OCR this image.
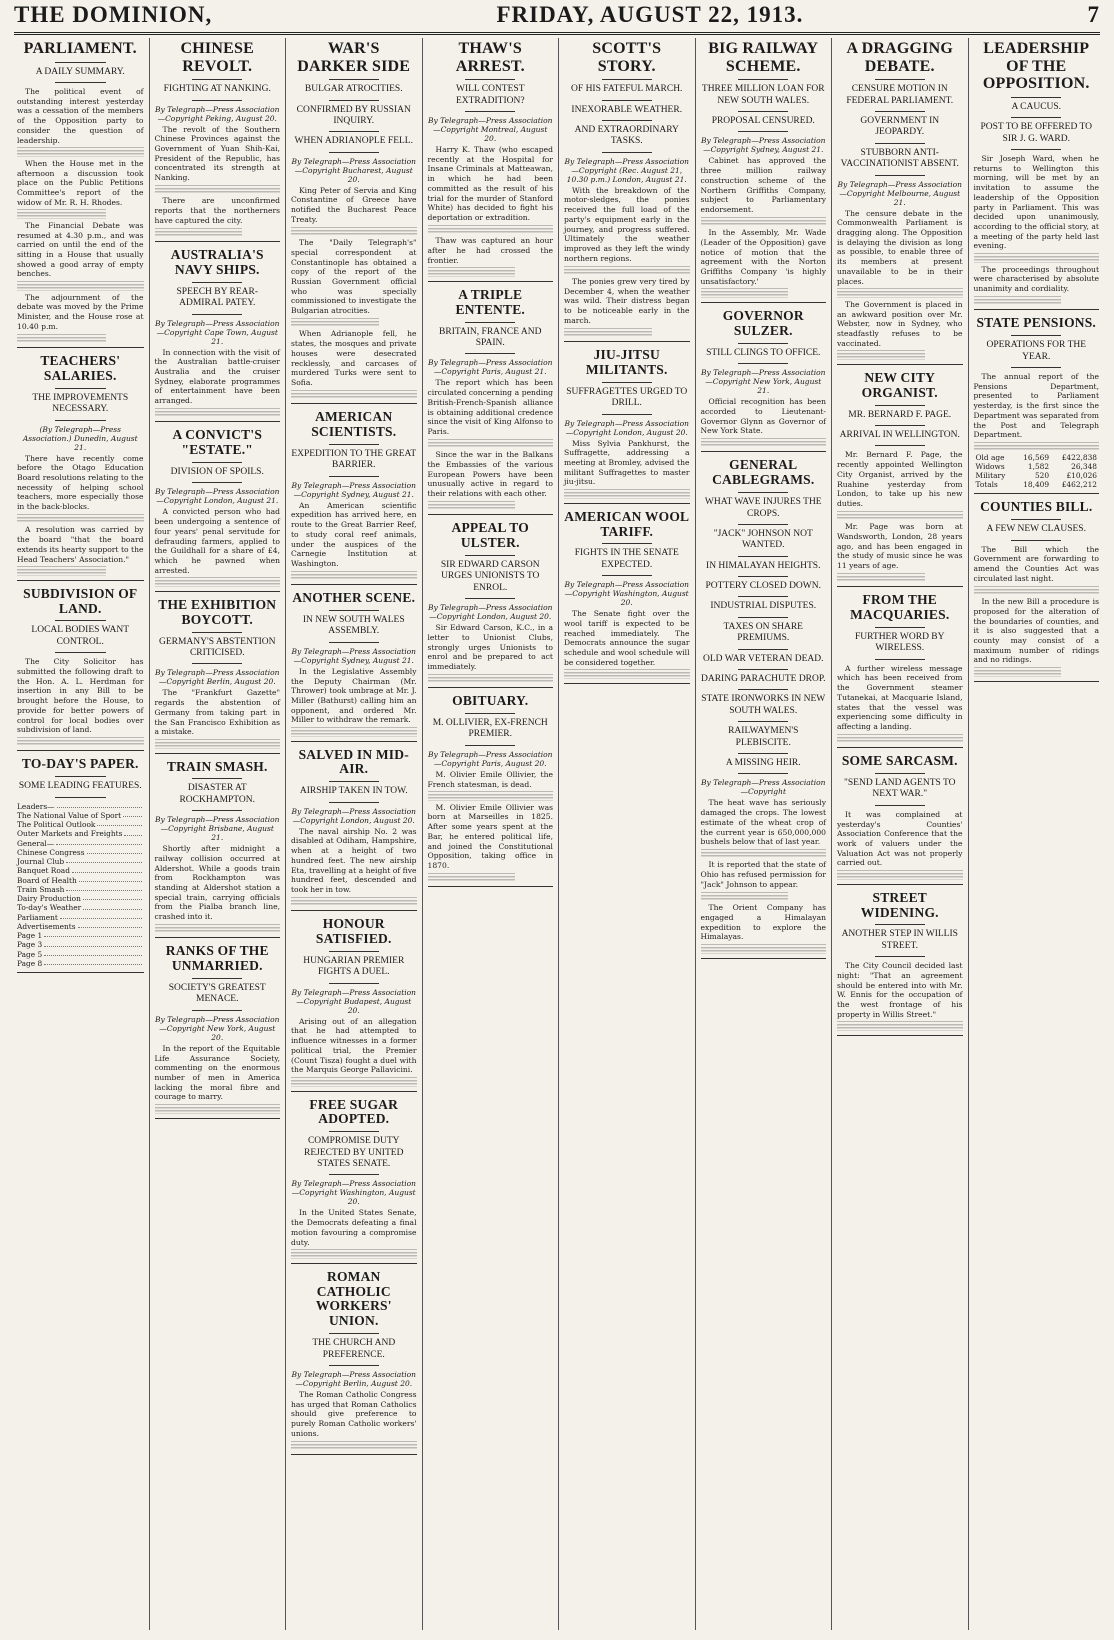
THE DOMINION,	FRIDAY, AUGUST 22, 1913.	7
PARLIAMENT.
A DAILY SUMMARY.

The political event of outstanding interest yesterday was a cessation of the members of the Opposition party to consider the question of leadership.

When the House met in the afternoon a discussion took place on the Public Petitions Committee's report of the widow of Mr. R. H. Rhodes.

The Financial Debate was resumed at 4.30 p.m., and was carried on until the end of the sitting in a House that usually showed a good array of empty benches.

The adjournment of the debate was moved by the Prime Minister, and the House rose at 10.40 p.m.

TEACHERS' SALARIES.
THE IMPROVEMENTS NECESSARY.
(By Telegraph—Press Association.) Dunedin, August 21.

There have recently come before the Otago Education Board resolutions relating to the necessity of helping school teachers, more especially those in the back-blocks.

A resolution was carried by the board "that the board extends its hearty support to the Head Teachers' Association."

SUBDIVISION OF LAND.
LOCAL BODIES WANT CONTROL.

The City Solicitor has submitted the following draft to the Hon. A. L. Herdman for insertion in any Bill to be brought before the House, to provide for better powers of control for local bodies over subdivision of land.

TO-DAY'S PAPER.
SOME LEADING FEATURES.
Leaders—
The National Value of Sport
The Political Outlook
Outer Markets and Freights
General—
Chinese Congress
Journal Club
Banquet Road
Board of Health
Train Smash
Dairy Production
To-day's Weather
Parliament
Advertisements
Page 1
Page 3
Page 5
Page 8
CHINESE REVOLT.
FIGHTING AT NANKING.
By Telegraph—Press Association—Copyright Peking, August 20.

The revolt of the Southern Chinese Provinces against the Government of Yuan Shih-Kai, President of the Republic, has concentrated its strength at Nanking.

There are unconfirmed reports that the northerners have captured the city.

AUSTRALIA'S NAVY SHIPS.
SPEECH BY REAR-ADMIRAL PATEY.
By Telegraph—Press Association—Copyright Cape Town, August 21.

In connection with the visit of the Australian battle-cruiser Australia and the cruiser Sydney, elaborate programmes of entertainment have been arranged.

A CONVICT'S "ESTATE."
DIVISION OF SPOILS.
By Telegraph—Press Association—Copyright London, August 21.

A convicted person who had been undergoing a sentence of four years' penal servitude for defrauding farmers, applied to the Guildhall for a share of £4, which he pawned when arrested.

THE EXHIBITION BOYCOTT.
GERMANY'S ABSTENTION CRITICISED.
By Telegraph—Press Association—Copyright Berlin, August 20.

The "Frankfurt Gazette" regards the abstention of Germany from taking part in the San Francisco Exhibition as a mistake.

TRAIN SMASH.
DISASTER AT ROCKHAMPTON.
By Telegraph—Press Association—Copyright Brisbane, August 21.

Shortly after midnight a railway collision occurred at Aldershot. While a goods train from Rockhampton was standing at Aldershot station a special train, carrying officials from the Pialba branch line, crashed into it.

RANKS OF THE UNMARRIED.
SOCIETY'S GREATEST MENACE.
By Telegraph—Press Association—Copyright New York, August 20.

In the report of the Equitable Life Assurance Society, commenting on the enormous number of men in America lacking the moral fibre and courage to marry.

WAR'S DARKER SIDE
BULGAR ATROCITIES.
CONFIRMED BY RUSSIAN INQUIRY.
WHEN ADRIANOPLE FELL.
By Telegraph—Press Association—Copyright Bucharest, August 20.

King Peter of Servia and King Constantine of Greece have notified the Bucharest Peace Treaty.

The "Daily Telegraph's" special correspondent at Constantinople has obtained a copy of the report of the Russian Government official who was specially commissioned to investigate the Bulgarian atrocities.

When Adrianople fell, he states, the mosques and private houses were desecrated recklessly, and carcases of murdered Turks were sent to Sofia.

AMERICAN SCIENTISTS.
EXPEDITION TO THE GREAT BARRIER.
By Telegraph—Press Association—Copyright Sydney, August 21.

An American scientific expedition has arrived here, en route to the Great Barrier Reef, to study coral reef animals, under the auspices of the Carnegie Institution at Washington.

ANOTHER SCENE.
IN NEW SOUTH WALES ASSEMBLY.
By Telegraph—Press Association—Copyright Sydney, August 21.

In the Legislative Assembly the Deputy Chairman (Mr. Thrower) took umbrage at Mr. J. Miller (Bathurst) calling him an opponent, and ordered Mr. Miller to withdraw the remark.

SALVED IN MID-AIR.
AIRSHIP TAKEN IN TOW.
By Telegraph—Press Association—Copyright London, August 20.

The naval airship No. 2 was disabled at Odiham, Hampshire, when at a height of two hundred feet. The new airship Eta, travelling at a height of five hundred feet, descended and took her in tow.

HONOUR SATISFIED.
HUNGARIAN PREMIER FIGHTS A DUEL.
By Telegraph—Press Association—Copyright Budapest, August 20.

Arising out of an allegation that he had attempted to influence witnesses in a former political trial, the Premier (Count Tisza) fought a duel with the Marquis George Pallavicini.

FREE SUGAR ADOPTED.
COMPROMISE DUTY REJECTED BY UNITED STATES SENATE.
By Telegraph—Press Association—Copyright Washington, August 20.

In the United States Senate, the Democrats defeating a final motion favouring a compromise duty.

ROMAN CATHOLIC WORKERS' UNION.
THE CHURCH AND PREFERENCE.
By Telegraph—Press Association—Copyright Berlin, August 20.

The Roman Catholic Congress has urged that Roman Catholics should give preference to purely Roman Catholic workers' unions.

THAW'S ARREST.
WILL CONTEST EXTRADITION?
By Telegraph—Press Association—Copyright Montreal, August 20.

Harry K. Thaw (who escaped recently at the Hospital for Insane Criminals at Matteawan, in which he had been committed as the result of his trial for the murder of Stanford White) has decided to fight his deportation or extradition.

Thaw was captured an hour after he had crossed the frontier.

A TRIPLE ENTENTE.
BRITAIN, FRANCE AND SPAIN.
By Telegraph—Press Association—Copyright Paris, August 21.

The report which has been circulated concerning a pending British-French-Spanish alliance is obtaining additional credence since the visit of King Alfonso to Paris.

Since the war in the Balkans the Embassies of the various European Powers have been unusually active in regard to their relations with each other.

APPEAL TO ULSTER.
SIR EDWARD CARSON URGES UNIONISTS TO ENROL.
By Telegraph—Press Association—Copyright London, August 20.

Sir Edward Carson, K.C., in a letter to Unionist Clubs, strongly urges Unionists to enrol and be prepared to act immediately.

OBITUARY.
M. OLLIVIER, EX-FRENCH PREMIER.
By Telegraph—Press Association—Copyright Paris, August 20.

M. Olivier Emile Ollivier, the French statesman, is dead.

M. Olivier Emile Ollivier was born at Marseilles in 1825. After some years spent at the Bar, he entered political life, and joined the Constitutional Opposition, taking office in 1870.

SCOTT'S STORY.
OF HIS FATEFUL MARCH.
INEXORABLE WEATHER.
AND EXTRAORDINARY TASKS.
By Telegraph—Press Association—Copyright (Rec. August 21, 10.30 p.m.) London, August 21.

With the breakdown of the motor-sledges, the ponies received the full load of the party's equipment early in the journey, and progress suffered. Ultimately the weather improved as they left the windy northern regions.

The ponies grew very tired by December 4, when the weather was wild. Their distress began to be noticeable early in the march.

JIU-JITSU MILITANTS.
SUFFRAGETTES URGED TO DRILL.
By Telegraph—Press Association—Copyright London, August 20.

Miss Sylvia Pankhurst, the Suffragette, addressing a meeting at Bromley, advised the militant Suffragettes to master jiu-jitsu.

AMERICAN WOOL TARIFF.
FIGHTS IN THE SENATE EXPECTED.
By Telegraph—Press Association—Copyright Washington, August 20.

The Senate fight over the wool tariff is expected to be reached immediately. The Democrats announce the sugar schedule and wool schedule will be considered together.

BIG RAILWAY SCHEME.
THREE MILLION LOAN FOR NEW SOUTH WALES.
PROPOSAL CENSURED.
By Telegraph—Press Association—Copyright Sydney, August 21.

Cabinet has approved the three million railway construction scheme of the Northern Griffiths Company, subject to Parliamentary endorsement.

In the Assembly, Mr. Wade (Leader of the Opposition) gave notice of motion that the agreement with the Norton Griffiths Company 'is highly unsatisfactory.'

GOVERNOR SULZER.
STILL CLINGS TO OFFICE.
By Telegraph—Press Association—Copyright New York, August 21.

Official recognition has been accorded to Lieutenant-Governor Glynn as Governor of New York State.

GENERAL CABLEGRAMS.
WHAT WAVE INJURES THE CROPS.
"JACK" JOHNSON NOT WANTED.
IN HIMALAYAN HEIGHTS.
POTTERY CLOSED DOWN.
INDUSTRIAL DISPUTES.
TAXES ON SHARE PREMIUMS.
OLD WAR VETERAN DEAD.
DARING PARACHUTE DROP.
STATE IRONWORKS IN NEW SOUTH WALES.
RAILWAYMEN'S PLEBISCITE.
A MISSING HEIR.
By Telegraph—Press Association—Copyright

The heat wave has seriously damaged the crops. The lowest estimate of the wheat crop of the current year is 650,000,000 bushels below that of last year.

It is reported that the state of Ohio has refused permission for "Jack" Johnson to appear.

The Orient Company has engaged a Himalayan expedition to explore the Himalayas.

A DRAGGING DEBATE.
CENSURE MOTION IN FEDERAL PARLIAMENT.
GOVERNMENT IN JEOPARDY.
STUBBORN ANTI-VACCINATIONIST ABSENT.
By Telegraph—Press Association—Copyright Melbourne, August 21.

The censure debate in the Commonwealth Parliament is dragging along. The Opposition is delaying the division as long as possible, to enable three of its members at present unavailable to be in their places.

The Government is placed in an awkward position over Mr. Webster, now in Sydney, who steadfastly refuses to be vaccinated.

NEW CITY ORGANIST.
MR. BERNARD F. PAGE.
ARRIVAL IN WELLINGTON.

Mr. Bernard F. Page, the recently appointed Wellington City Organist, arrived by the Ruahine yesterday from London, to take up his new duties.

Mr. Page was born at Wandsworth, London, 28 years ago, and has been engaged in the study of music since he was 11 years of age.

FROM THE MACQUARIES.
FURTHER WORD BY WIRELESS.

A further wireless message which has been received from the Government steamer Tutanekai, at Macquarie Island, states that the vessel was experiencing some difficulty in affecting a landing.

SOME SARCASM.
"SEND LAND AGENTS TO NEXT WAR."

It was complained at yesterday's Counties' Association Conference that the work of valuers under the Valuation Act was not properly carried out.

STREET WIDENING.
ANOTHER STEP IN WILLIS STREET.

The City Council decided last night: "That an agreement should be entered into with Mr. W. Ennis for the occupation of the west frontage of his property in Willis Street."

LEADERSHIP OF THE OPPOSITION.
A CAUCUS.
POST TO BE OFFERED TO SIR J. G. WARD.

Sir Joseph Ward, when he returns to Wellington this morning, will be met by an invitation to assume the leadership of the Opposition party in Parliament. This was decided upon unanimously, according to the official story, at a meeting of the party held last evening.

The proceedings throughout were characterised by absolute unanimity and cordiality.

STATE PENSIONS.
OPERATIONS FOR THE YEAR.

The annual report of the Pensions Department, presented to Parliament yesterday, is the first since the Department was separated from the Post and Telegraph Department.

Old age	16,569	£422,838
Widows	1,582	26,348
Military	520	£10,026
Totals	18,409	£462,212
COUNTIES BILL.
A FEW NEW CLAUSES.

The Bill which the Government are forwarding to amend the Counties Act was circulated last night.

In the new Bill a procedure is proposed for the alteration of the boundaries of counties, and it is also suggested that a county may consist of a maximum number of ridings and no ridings.
